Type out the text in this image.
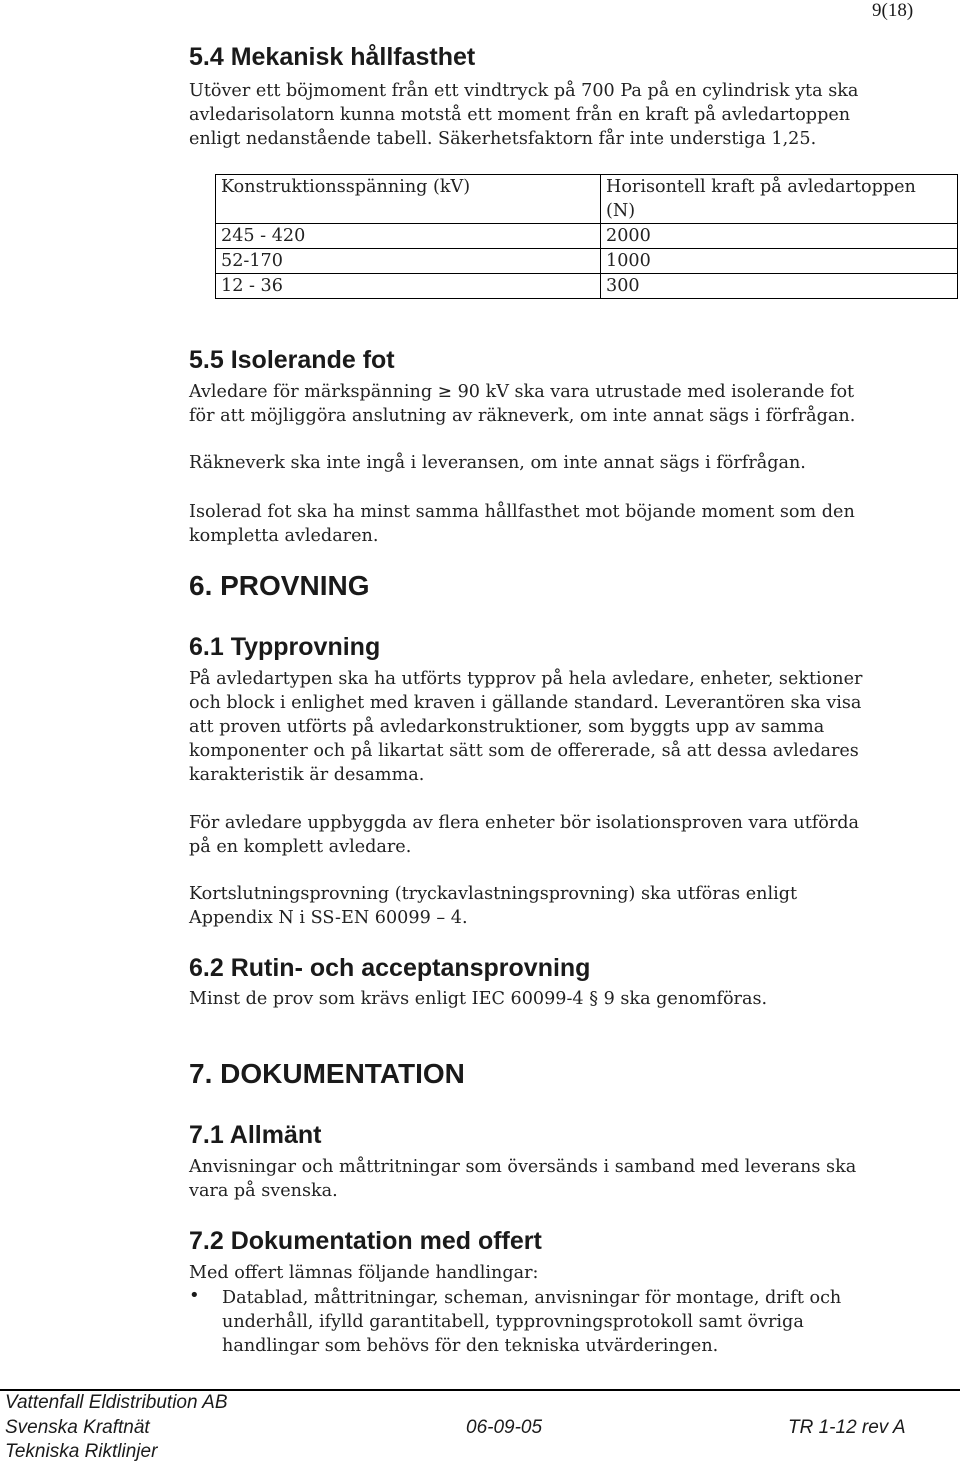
9(18)
5.4 Mekanisk hållfasthet
Utöver ett böjmoment från ett vindtryck på 700 Pa på en cylindrisk yta ska
avledarisolatorn kunna motstå ett moment från en kraft på avledartoppen
enligt nedanstående tabell. Säkerhetsfaktorn får inte understiga 1,25.
Konstruktionsspänning (kV)	Horisontell kraft på avledartoppen
(N)

245 - 420	2000
52-170	1000
12 - 36	300
5.5 Isolerande fot
Avledare för märkspänning ≥ 90 kV ska vara utrustade med isolerande fot
för att möjliggöra anslutning av räkneverk, om inte annat sägs i förfrågan.
Räkneverk ska inte ingå i leveransen, om inte annat sägs i förfrågan.
Isolerad fot ska ha minst samma hållfasthet mot böjande moment som den
kompletta avledaren.
6. PROVNING
6.1 Typprovning
På avledartypen ska ha utförts typprov på hela avledare, enheter, sektioner
och block i enlighet med kraven i gällande standard. Leverantören ska visa
att proven utförts på avledarkonstruktioner, som byggts upp av samma
komponenter och på likartat sätt som de offererade, så att dessa avledares
karakteristik är desamma.
För avledare uppbyggda av flera enheter bör isolationsproven vara utförda
på en komplett avledare.
Kortslutningsprovning (tryckavlastningsprovning) ska utföras enligt
Appendix N i SS-EN 60099 – 4.
6.2 Rutin- och acceptansprovning
Minst de prov som krävs enligt IEC 60099-4 § 9 ska genomföras.
7. DOKUMENTATION
7.1 Allmänt
Anvisningar och måttritningar som översänds i samband med leverans ska
vara på svenska.
7.2 Dokumentation med offert
Med offert lämnas följande handlingar:
• Datablad, måttritningar, scheman, anvisningar för montage, drift och
underhåll, ifylld garantitabell, typprovningsprotokoll samt övriga
handlingar som behövs för den tekniska utvärderingen.
Vattenfall Eldistribution AB
Svenska Kraftnät
Tekniska Riktlinjer
06-09-05	TR 1-12 rev A
